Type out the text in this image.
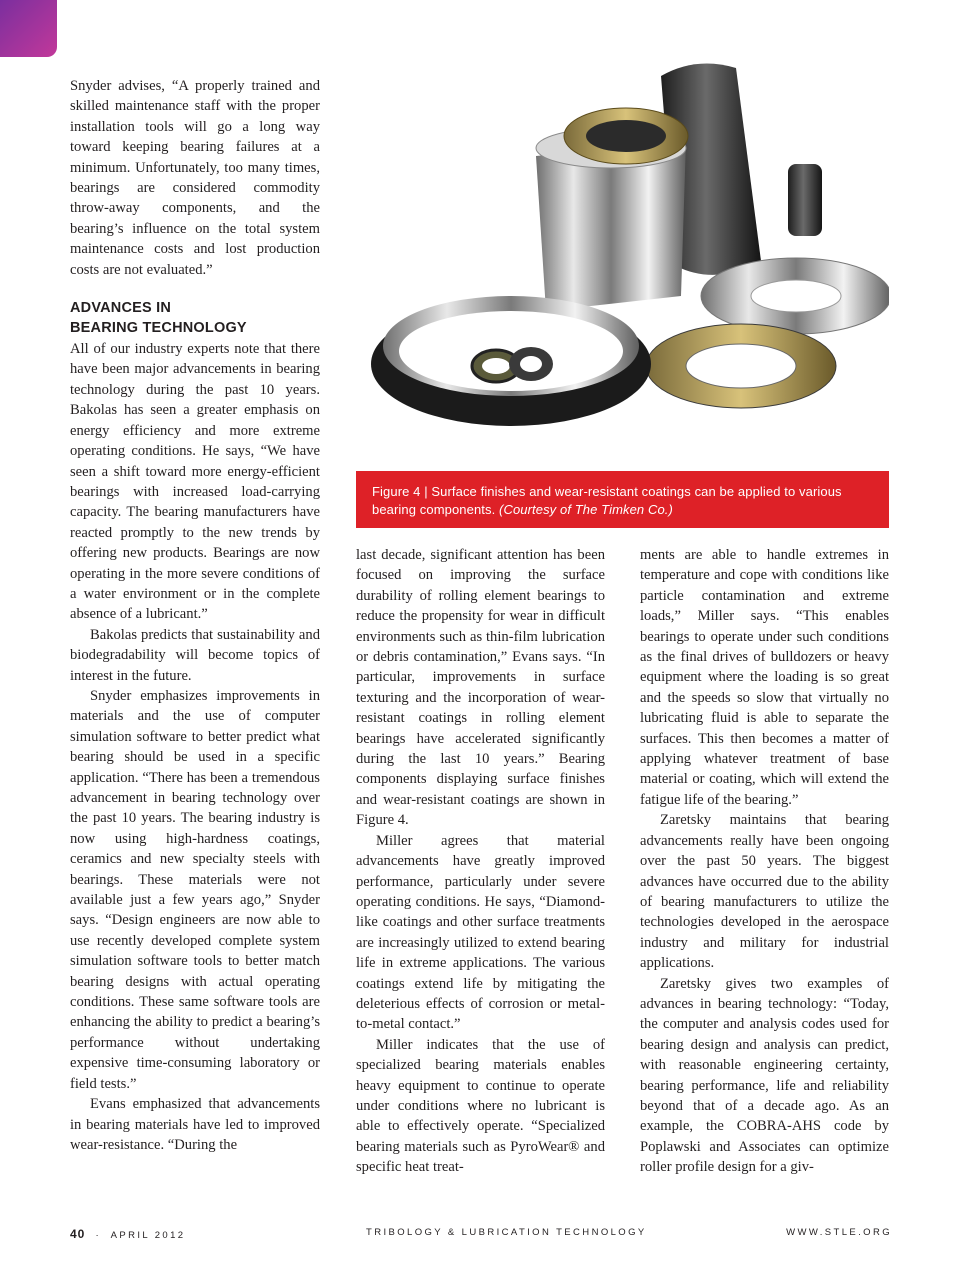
Snyder advises, “A properly trained and skilled maintenance staff with the proper installation tools will go a long way toward keeping bearing failures at a minimum. Unfortunately, too many times, bearings are considered commodity throw-away components, and the bearing’s influence on the total system maintenance costs and lost production costs are not evaluated.”

ADVANCES IN
BEARING TECHNOLOGY

All of our industry experts note that there have been major advancements in bearing technology during the past 10 years. Bakolas has seen a greater emphasis on energy efficiency and more extreme operating conditions. He says, “We have seen a shift toward more energy-efficient bearings with increased load-carrying capacity. The bearing manufacturers have reacted promptly to the new trends by offering new products. Bearings are now operating in the more severe conditions of a water environment or in the complete absence of a lubricant.”

Bakolas predicts that sustainability and biodegradability will become topics of interest in the future.

Snyder emphasizes improvements in materials and the use of computer simulation software to better predict what bearing should be used in a specific application. “There has been a tremendous advancement in bearing technology over the past 10 years. The bearing industry is now using high-hardness coatings, ceramics and new specialty steels with bearings. These materials were not available just a few years ago,” Snyder says. “Design engineers are now able to use recently developed complete system simulation software tools to better match bearing designs with actual operating conditions. These same software tools are enhancing the ability to predict a bearing’s performance without undertaking expensive time-consuming laboratory or field tests.”

Evans emphasized that advancements in bearing materials have led to improved wear-resistance. “During the

Figure 4 | Surface finishes and wear-resistant coatings can be applied to various bearing components. (Courtesy of The Timken Co.)

last decade, significant attention has been focused on improving the surface durability of rolling element bearings to reduce the propensity for wear in difficult environments such as thin-film lubrication or debris contamination,” Evans says. “In particular, improvements in surface texturing and the incorporation of wear-resistant coatings in rolling element bearings have accelerated significantly during the last 10 years.” Bearing components displaying surface finishes and wear-resistant coatings are shown in Figure 4.

Miller agrees that material advancements have greatly improved performance, particularly under severe operating conditions. He says, “Diamond-like coatings and other surface treatments are increasingly utilized to extend bearing life in extreme applications. The various coatings extend life by mitigating the deleterious effects of corrosion or metal-to-metal contact.”

Miller indicates that the use of specialized bearing materials enables heavy equipment to continue to operate under conditions where no lubricant is able to effectively operate. “Specialized bearing materials such as PyroWear® and specific heat treat-

ments are able to handle extremes in temperature and cope with conditions like particle contamination and extreme loads,” Miller says. “This enables bearings to operate under such conditions as the final drives of bulldozers or heavy equipment where the loading is so great and the speeds so slow that virtually no lubricating fluid is able to separate the surfaces. This then becomes a matter of applying whatever treatment of base material or coating, which will extend the fatigue life of the bearing.”

Zaretsky maintains that bearing advancements really have been ongoing over the past 50 years. The biggest advances have occurred due to the ability of bearing manufacturers to utilize the technologies developed in the aerospace industry and military for industrial applications.

Zaretsky gives two examples of advances in bearing technology: “Today, the computer and analysis codes used for bearing design and analysis can predict, with reasonable engineering certainty, bearing performance, life and reliability beyond that of a decade ago. As an example, the COBRA-AHS code by Poplawski and Associates can optimize roller profile design for a giv-

40 · APRIL 2012	TRIBOLOGY & LUBRICATION TECHNOLOGY	WWW.STLE.ORG
